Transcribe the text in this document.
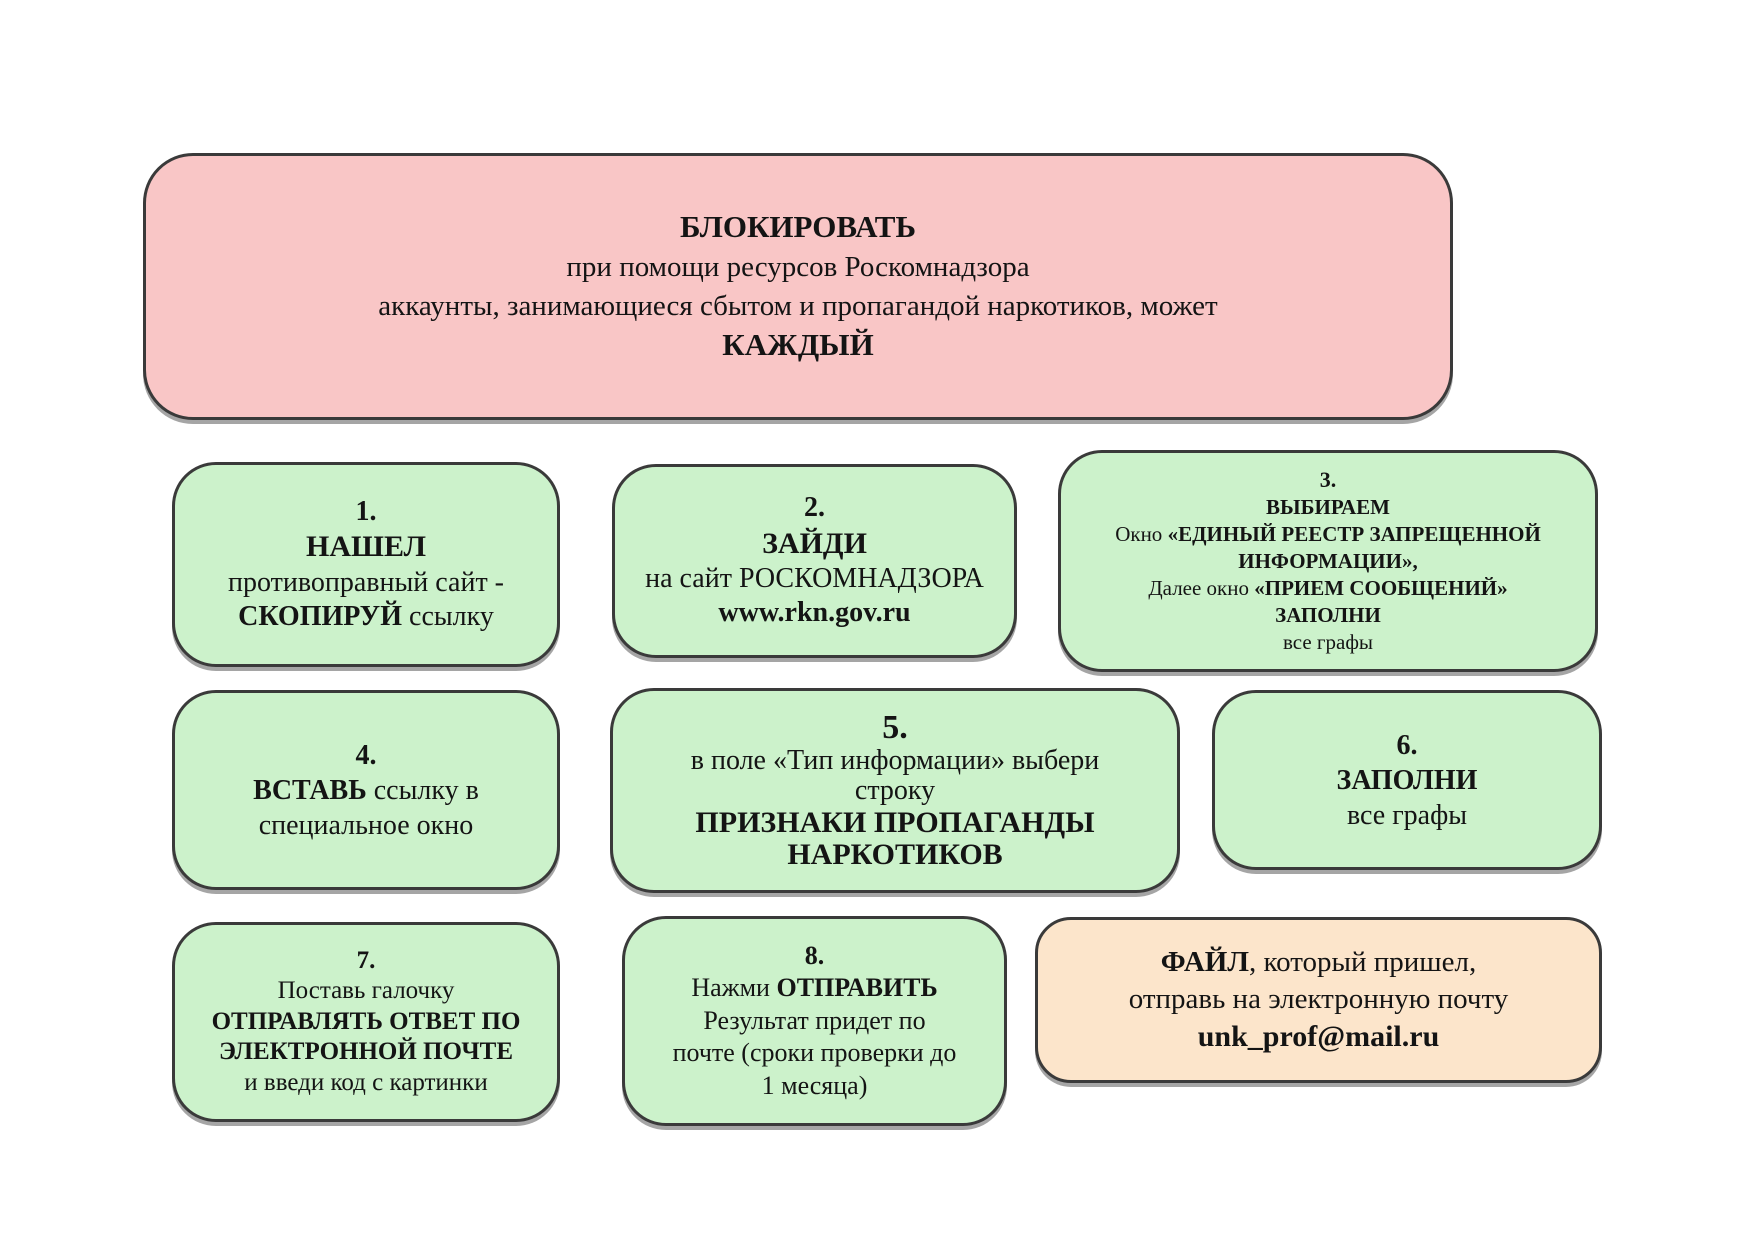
БЛОКИРОВАТЬ
при помощи ресурсов Роскомнадзора
аккаунты, занимающиеся сбытом и пропагандой наркотиков, может
КАЖДЫЙ
1.
НАШЕЛ
противоправный сайт -
СКОПИРУЙ ссылку
2.
ЗАЙДИ
на сайт РОСКОМНАДЗОРА
www.rkn.gov.ru
3.
ВЫБИРАЕМ
Окно «ЕДИНЫЙ РЕЕСТР ЗАПРЕЩЕННОЙ ИНФОРМАЦИИ»,
Далее окно «ПРИЕМ СООБЩЕНИЙ»
ЗАПОЛНИ
все графы
4.
ВСТАВЬ ссылку в
специальное окно
5.
в поле «Тип информации» выбери
строку
ПРИЗНАКИ ПРОПАГАНДЫ
НАРКОТИКОВ
6.
ЗАПОЛНИ
все графы
7.
Поставь галочку
ОТПРАВЛЯТЬ ОТВЕТ ПО
ЭЛЕКТРОННОЙ ПОЧТЕ
и введи код с картинки
8.
Нажми ОТПРАВИТЬ
Результат придет по
почте (сроки проверки до
1 месяца)
ФАЙЛ, который пришел,
отправь на электронную почту
unk_prof@mail.ru
